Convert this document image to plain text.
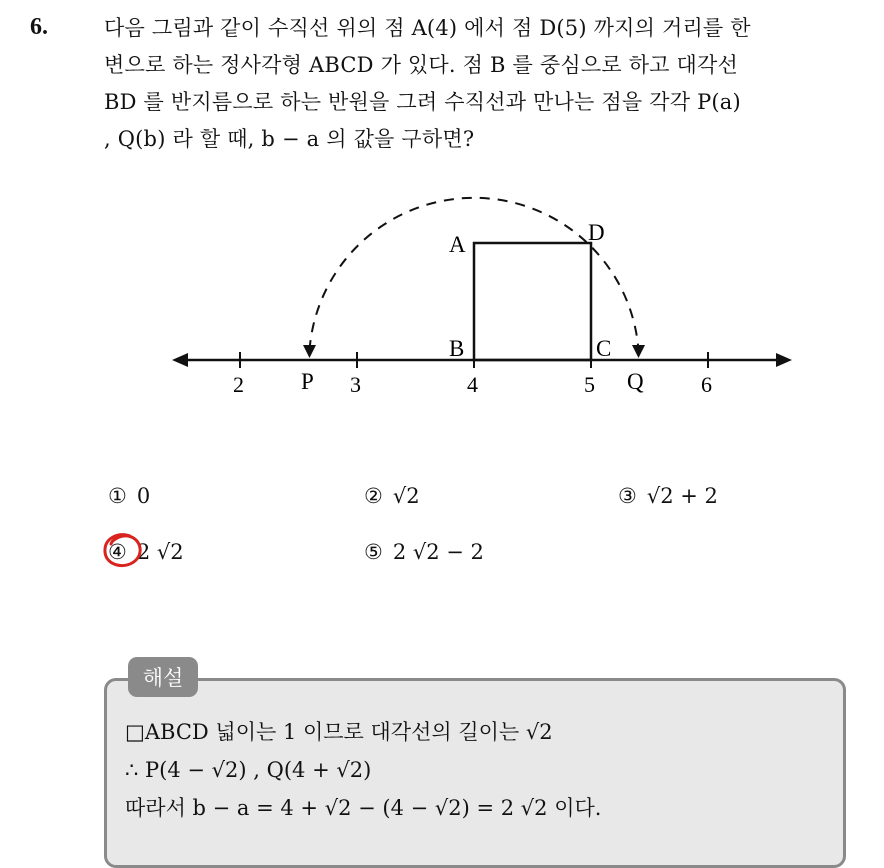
6.	다음 그림과 같이 수직선 위의 점 A(4) 에서 점 D(5) 까지의 거리를 한
변으로 하는 정사각형 ABCD 가 있다. 점 B 를 중심으로 하고 대각선
BD 를 반지름으로 하는 반원을 그려 수직선과 만나는 점을 각각 P(a)
, Q(b) 라 할 때, b − a 의 값을 구하면?
2	3	4	5	6
A
B	C
D
P	Q
① 0	② √2	③ √2 + 2
④ 2 √2	⑤ 2 √2 − 2
해설
□ABCD 넓이는 1 이므로 대각선의 길이는 √2
∴ P(4 − √2) , Q(4 + √2)
따라서 b − a = 4 + √2 − (4 − √2) = 2 √2 이다.
